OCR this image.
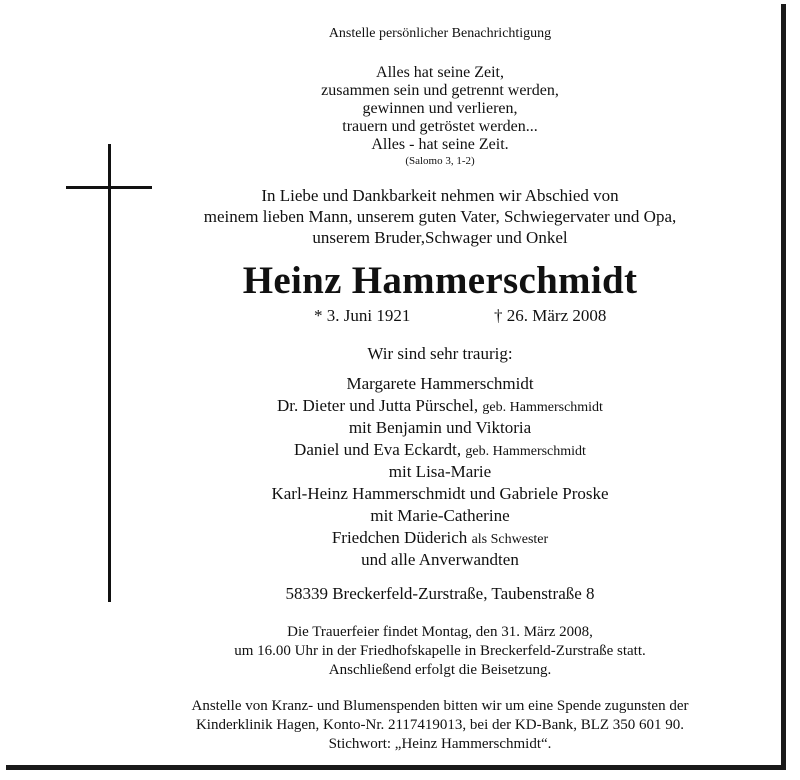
Anstelle persönlicher Benachrichtigung
Alles hat seine Zeit,
zusammen sein und getrennt werden,
gewinnen und verlieren,
trauern und getröstet werden...
Alles - hat seine Zeit.
(Salomo 3, 1-2)
In Liebe und Dankbarkeit nehmen wir Abschied von
meinem lieben Mann, unserem guten Vater, Schwiegervater und Opa,
unserem Bruder,Schwager und Onkel
Heinz Hammerschmidt
* 3. Juni 1921	† 26. März 2008
Wir sind sehr traurig:
Margarete Hammerschmidt
Dr. Dieter und Jutta Pürschel, geb. Hammerschmidt
mit Benjamin und Viktoria
Daniel und Eva Eckardt, geb. Hammerschmidt
mit Lisa-Marie
Karl-Heinz Hammerschmidt und Gabriele Proske
mit Marie-Catherine
Friedchen Düderich als Schwester
und alle Anverwandten
58339 Breckerfeld-Zurstraße, Taubenstraße 8
Die Trauerfeier findet Montag, den 31. März 2008,
um 16.00 Uhr in der Friedhofskapelle in Breckerfeld-Zurstraße statt.
Anschließend erfolgt die Beisetzung.
Anstelle von Kranz- und Blumenspenden bitten wir um eine Spende zugunsten der
Kinderklinik Hagen, Konto-Nr. 2117419013, bei der KD-Bank, BLZ 350 601 90.
Stichwort: „Heinz Hammerschmidt“.
